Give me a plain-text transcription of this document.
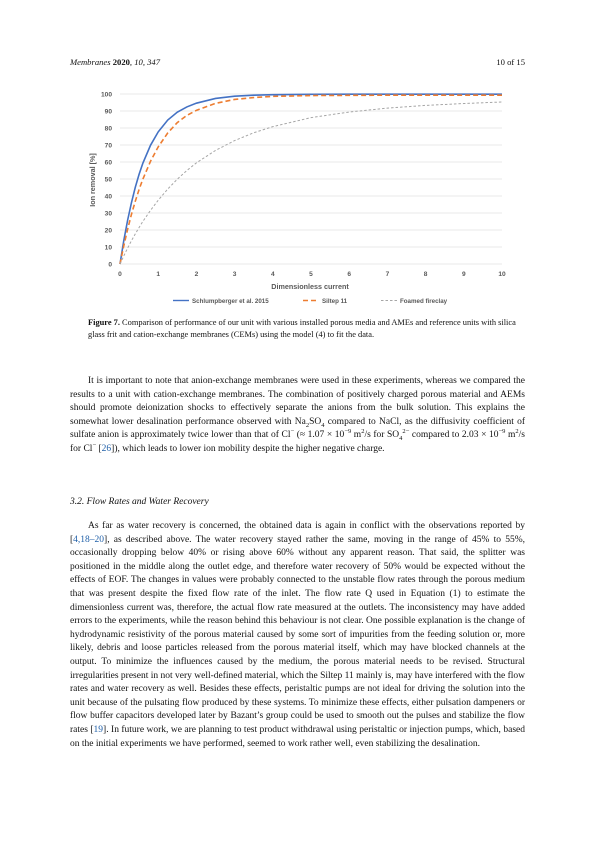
Membranes 2020, 10, 347	10 of 15
0
10
20
30
40
50
60
70
80
90
100
0	1	2	3	4	5	6	7	8	9	10
Dimensionless current
Ion removal [%]
Schlumpberger et al. 2015	Siltep 11	Foamed fireclay
Figure 7. Comparison of performance of our unit with various installed porous media and AMEs and reference units with silica glass frit and cation-exchange membranes (CEMs) using the model (4) to fit the data.

It is important to note that anion-exchange membranes were used in these experiments, whereas we compared the results to a unit with cation-exchange membranes. The combination of positively charged porous material and AEMs should promote deionization shocks to effectively separate the anions from the bulk solution. This explains the somewhat lower desalination performance observed with $Na_2SO_4$ compared to NaCl, as the diffusivity coefficient of sulfate anion is approximately twice lower than that of Cl− (≈ $1.07 \times 10^{-9}$ $m^2/s$ for $SO_4^{2-}$ compared to $2.03 \times 10^{-9}$ $m^2/s$ for Cl− [26]), which leads to lower ion mobility despite the higher negative charge.

3.2. Flow Rates and Water Recovery

As far as water recovery is concerned, the obtained data is again in conflict with the observations reported by [4,18–20], as described above. The water recovery stayed rather the same, moving in the range of 45% to 55%, occasionally dropping below 40% or rising above 60% without any apparent reason. That said, the splitter was positioned in the middle along the outlet edge, and therefore water recovery of 50% would be expected without the effects of EOF. The changes in values were probably connected to the unstable flow rates through the porous medium that was present despite the fixed flow rate of the inlet. The flow rate Q used in Equation (1) to estimate the dimensionless current was, therefore, the actual flow rate measured at the outlets. The inconsistency may have added errors to the experiments, while the reason behind this behaviour is not clear. One possible explanation is the change of hydrodynamic resistivity of the porous material caused by some sort of impurities from the feeding solution or, more likely, debris and loose particles released from the porous material itself, which may have blocked channels at the output. To minimize the influences caused by the medium, the porous material needs to be revised. Structural irregularities present in not very well-defined material, which the Siltep 11 mainly is, may have interfered with the flow rates and water recovery as well. Besides these effects, peristaltic pumps are not ideal for driving the solution into the unit because of the pulsating flow produced by these systems. To minimize these effects, either pulsation dampeners or flow buffer capacitors developed later by Bazant’s group could be used to smooth out the pulses and stabilize the flow rates [19]. In future work, we are planning to test product withdrawal using peristaltic or injection pumps, which, based on the initial experiments we have performed, seemed to work rather well, even stabilizing the desalination.
